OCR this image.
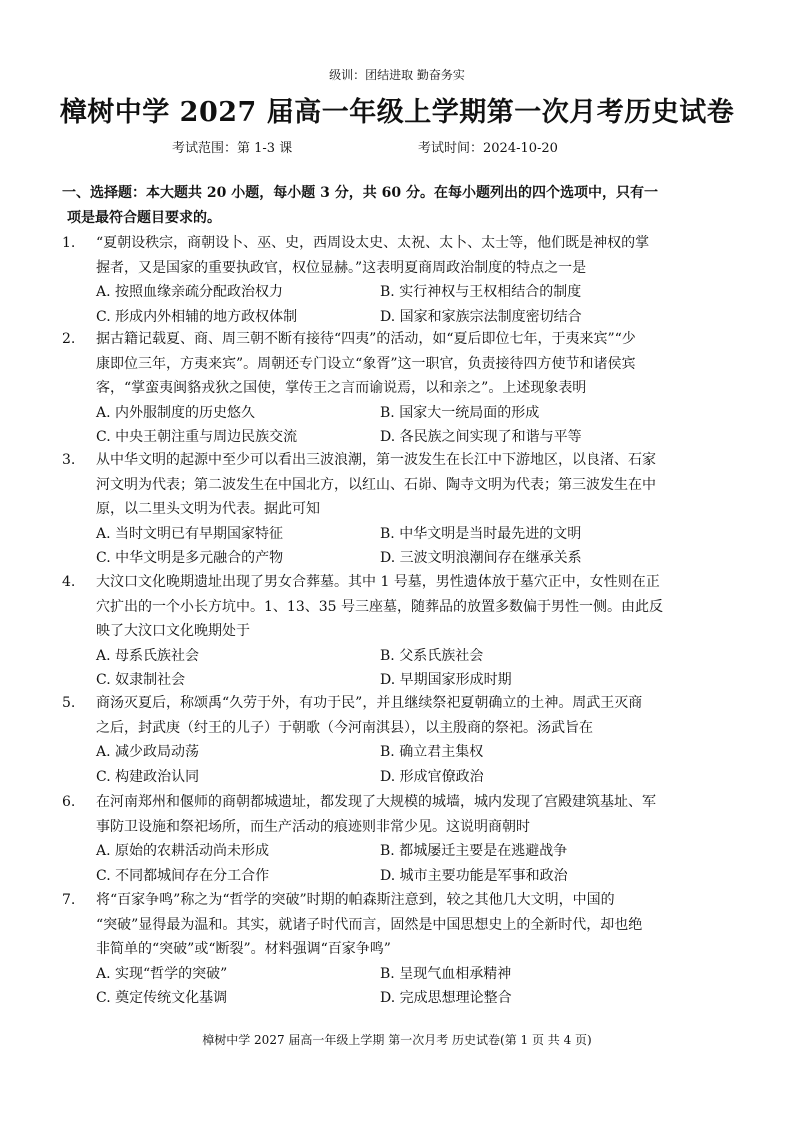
级训：团结进取 勤奋务实
樟树中学 2027 届高一年级上学期第一次月考历史试卷
考试范围：第 1-3 课	考试时间：2024-10-20
一、选择题：本大题共 20 小题，每小题 3 分，共 60 分。在每小题列出的四个选项中，只有一
项是最符合题目要求的。
1.	“夏朝设秩宗，商朝设卜、巫、史，西周设太史、太祝、太卜、太士等，他们既是神权的掌

握者，又是国家的重要执政官，权位显赫。”这表明夏商周政治制度的特点之一是

A. 按照血缘亲疏分配政治权力	B. 实行神权与王权相结合的制度
C. 形成内外相辅的地方政权体制	D. 国家和家族宗法制度密切结合
2.	据古籍记载夏、商、周三朝不断有接待“四夷”的活动，如“夏后即位七年，于夷来宾”“少

康即位三年，方夷来宾”。周朝还专门设立“象胥”这一职官，负责接待四方使节和诸侯宾

客，“掌蛮夷闽貉戎狄之国使，掌传王之言而谕说焉，以和亲之”。上述现象表明

A. 内外服制度的历史悠久	B. 国家大一统局面的形成
C. 中央王朝注重与周边民族交流	D. 各民族之间实现了和谐与平等
3.	从中华文明的起源中至少可以看出三波浪潮，第一波发生在长江中下游地区，以良渚、石家

河文明为代表；第二波发生在中国北方，以红山、石峁、陶寺文明为代表；第三波发生在中

原，以二里头文明为代表。据此可知

A. 当时文明已有早期国家特征	B. 中华文明是当时最先进的文明
C. 中华文明是多元融合的产物	D. 三波文明浪潮间存在继承关系
4.	大汶口文化晚期遗址出现了男女合葬墓。其中 1 号墓，男性遗体放于墓穴正中，女性则在正

穴扩出的一个小长方坑中。1、13、35 号三座墓，随葬品的放置多数偏于男性一侧。由此反

映了大汶口文化晚期处于

A. 母系氏族社会	B. 父系氏族社会
C. 奴隶制社会	D. 早期国家形成时期
5.	商汤灭夏后，称颂禹“久劳于外，有功于民”，并且继续祭祀夏朝确立的土神。周武王灭商

之后，封武庚（纣王的儿子）于朝歌（今河南淇县），以主殷商的祭祀。汤武旨在

A. 减少政局动荡	B. 确立君主集权
C. 构建政治认同	D. 形成官僚政治
6.	在河南郑州和偃师的商朝都城遗址，都发现了大规模的城墙，城内发现了宫殿建筑基址、军

事防卫设施和祭祀场所，而生产活动的痕迹则非常少见。这说明商朝时

A. 原始的农耕活动尚未形成	B. 都城屡迁主要是在逃避战争
C. 不同都城间存在分工合作	D. 城市主要功能是军事和政治
7.	将“百家争鸣”称之为“哲学的突破”时期的帕森斯注意到，较之其他几大文明，中国的

“突破”显得最为温和。其实，就诸子时代而言，固然是中国思想史上的全新时代，却也绝

非简单的“突破”或“断裂”。材料强调“百家争鸣”

A. 实现“哲学的突破”	B. 呈现气血相承精神
C. 奠定传统文化基调	D. 完成思想理论整合
樟树中学 2027 届高一年级上学期 第一次月考 历史试卷(第 1 页 共 4 页)
